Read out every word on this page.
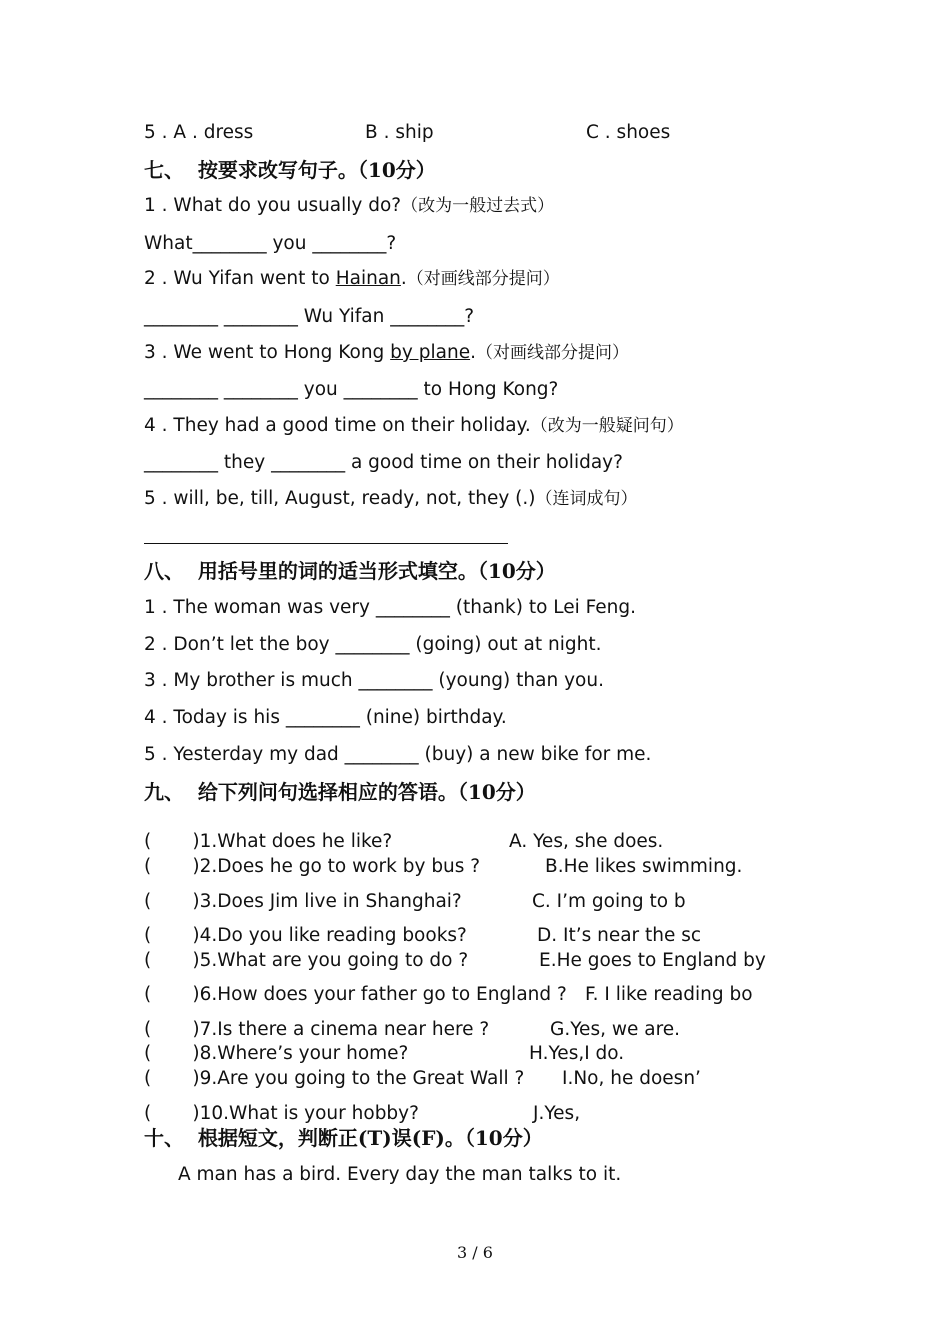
5 . A . dress	B . ship	C . shoes
七、  按要求改写句子。（10分）
1 . What do you usually do?（改为一般过去式）
What________ you ________?
2 . Wu Yifan went to Hainan.（对画线部分提问）
________ ________ Wu Yifan ________?
3 . We went to Hong Kong by plane.（对画线部分提问）
________ ________ you ________ to Hong Kong?
4 . They had a good time on their holiday.（改为一般疑问句）
________ they ________ a good time on their holiday?
5 . will, be, till, August, ready, not, they (.)（连词成句）
八、  用括号里的词的适当形式填空。（10分）
1 . The woman was very ________ (thank) to Lei Feng.
2 . Don’t let the boy ________ (going) out at night.
3 . My brother is much ________ (young) than you.
4 . Today is his ________ (nine) birthday.
5 . Yesterday my dad ________ (buy) a new bike for me.
九、  给下列问句选择相应的答语。（10分）
(       )1.What does he like?	A. Yes, she does.
(       )2.Does he go to work by bus ?	B.He likes swimming.
(       )3.Does Jim live in Shanghai?	C. I’m going to b
(       )4.Do you like reading books?	D. It’s near the sc
(       )5.What are you going to do ?	E.He goes to England by
(       )6.How does your father go to England ? F. I like reading bo
(       )7.Is there a cinema near here ?	G.Yes, we are.
(       )8.Where’s your home?	H.Yes,I do.
(       )9.Are you going to the Great Wall ? I.No, he doesn’
(       )10.What is your hobby?	J.Yes,
十、  根据短文，判断正(T)误(F)。（10分）
A man has a bird. Every day the man talks to it.
3 / 6
